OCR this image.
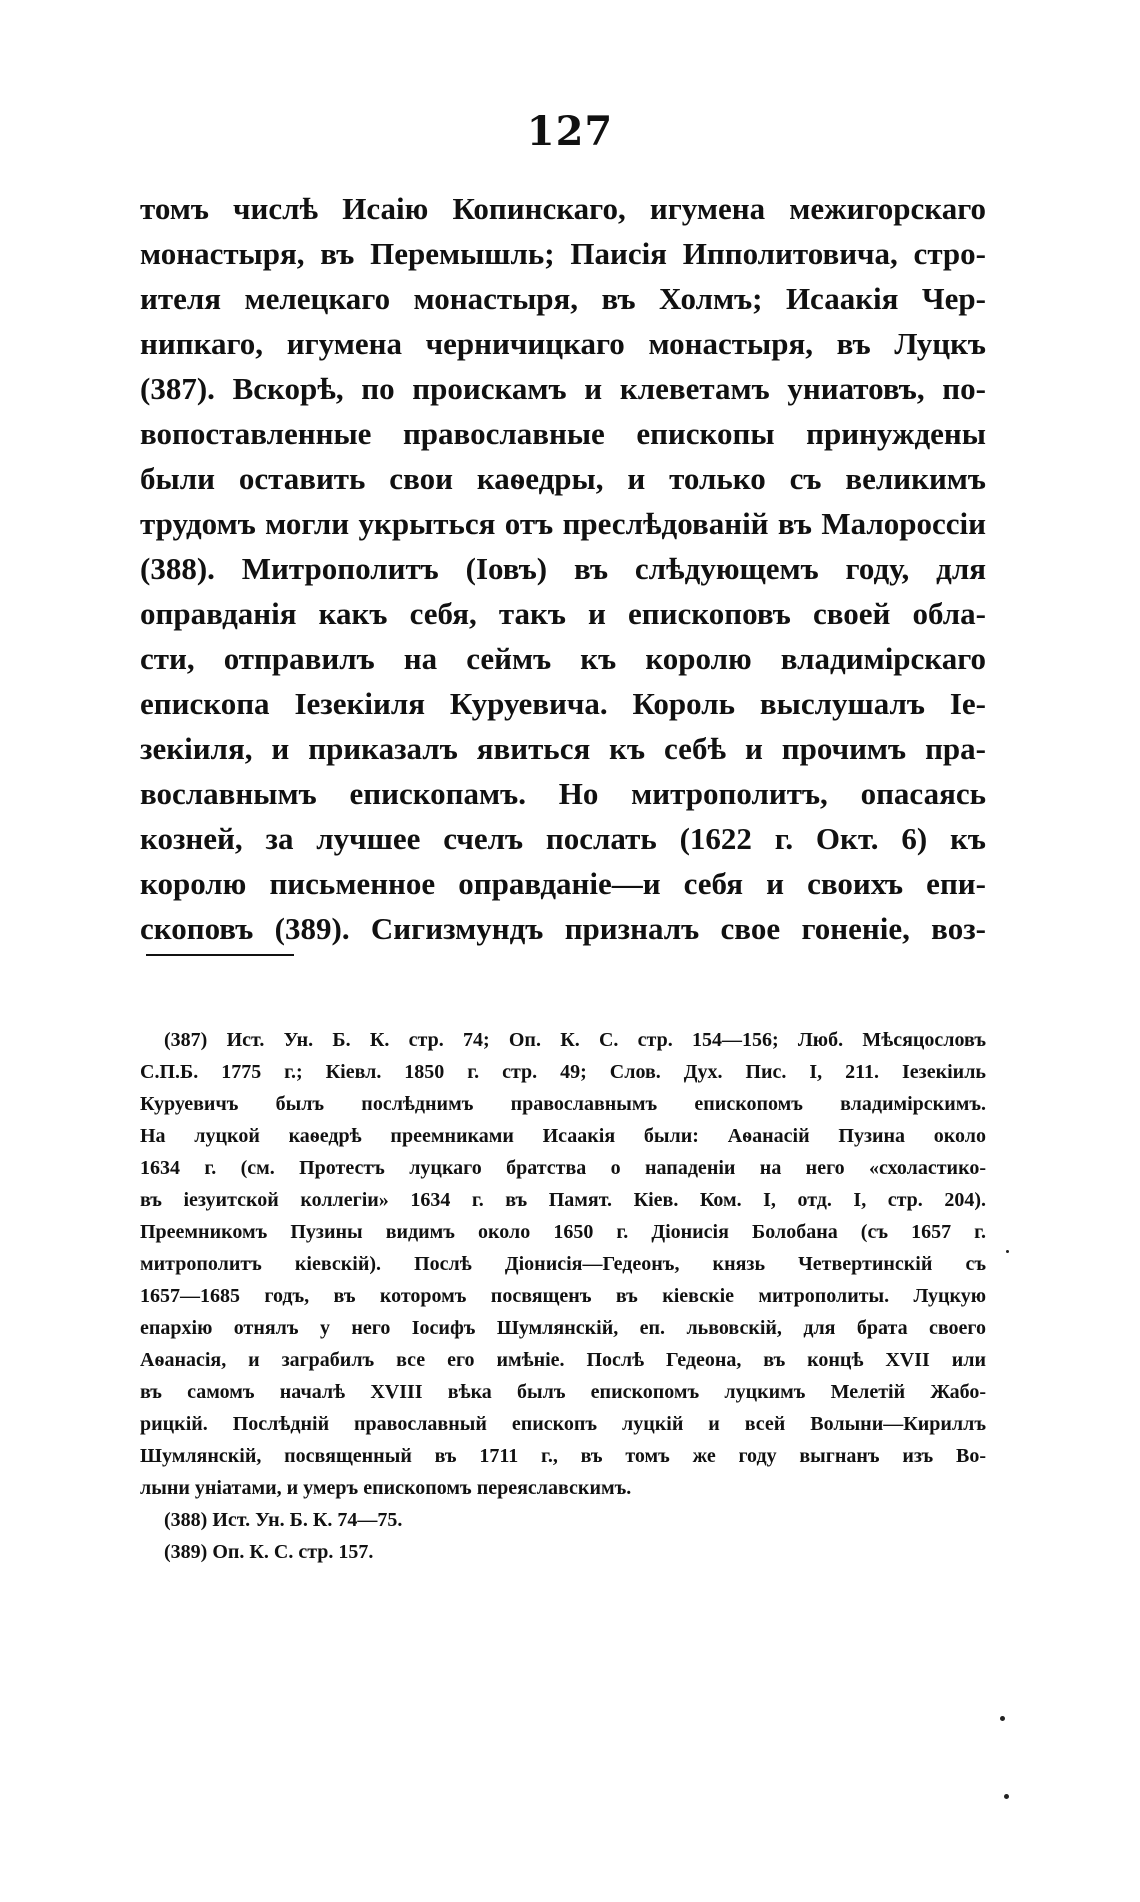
127
томъ числѣ Исаію Копинскаго, игумена межигорскаго
монастыря, въ Перемышль; Паисія Ипполитовича, стро-
ителя мелецкаго монастыря, въ Холмъ; Исаакія Чер-
нипкаго, игумена черничицкаго монастыря, въ Луцкъ
(387). Вскорѣ, по проискамъ и клеветамъ униатовъ, по-
вопоставленные православные епископы принуждены
были оставить свои каѳедры, и только съ великимъ
трудомъ могли укрыться отъ преслѣдованій въ Малороссіи
(388). Митрополитъ (Іовъ) въ слѣдующемъ году, для
оправданія какъ себя, такъ и епископовъ своей обла-
сти, отправилъ на сеймъ къ королю владимірскаго
епископа Іезекіиля Куруевича. Король выслушалъ Іе-
зекіиля, и приказалъ явиться къ себѣ и прочимъ пра-
вославнымъ епископамъ. Но митрополитъ, опасаясь
козней, за лучшее счелъ послать (1622 г. Окт. 6) къ
королю письменное оправданіе—и себя и своихъ епи-
скоповъ (389). Сигизмундъ призналъ свое гоненіе, воз-
(387) Ист. Ун. Б. К. стр. 74; Оп. К. С. стр. 154—156; Люб. Мѣсяцословъ
С.П.Б. 1775 г.; Кіевл. 1850 г. стр. 49; Слов. Дух. Пис. I, 211. Іезекіиль
Куруевичъ былъ послѣднимъ православнымъ епископомъ владимірскимъ.
На луцкой каѳедрѣ преемниками Исаакія были: Аѳанасій Пузина около
1634 г. (см. Протестъ луцкаго братства о нападеніи на него «схоластико-
въ іезуитской коллегіи» 1634 г. въ Памят. Кіев. Ком. I, отд. I, стр. 204).
Преемникомъ Пузины видимъ около 1650 г. Діонисія Болобана (съ 1657 г.
митрополитъ кіевскій). Послѣ Діонисія—Гедеонъ, князь Четвертинскій съ
1657—1685 годъ, въ которомъ посвященъ въ кіевскіе митрополиты. Луцкую
епархію отнялъ у него Іосифъ Шумлянскій, еп. львовскій, для брата своего
Аѳанасія, и заграбилъ все его имѣніе. Послѣ Гедеона, въ концѣ XVII или
въ самомъ началѣ XVIII вѣка былъ епископомъ луцкимъ Мелетій Жабо-
рицкій. Послѣдній православный епископъ луцкій и всей Волыни—Кириллъ
Шумлянскій, посвященный въ 1711 г., въ томъ же году выгнанъ изъ Во-
лыни уніатами, и умеръ епископомъ переяславскимъ.
(388) Ист. Ун. Б. К. 74—75.
(389) Оп. К. С. стр. 157.
